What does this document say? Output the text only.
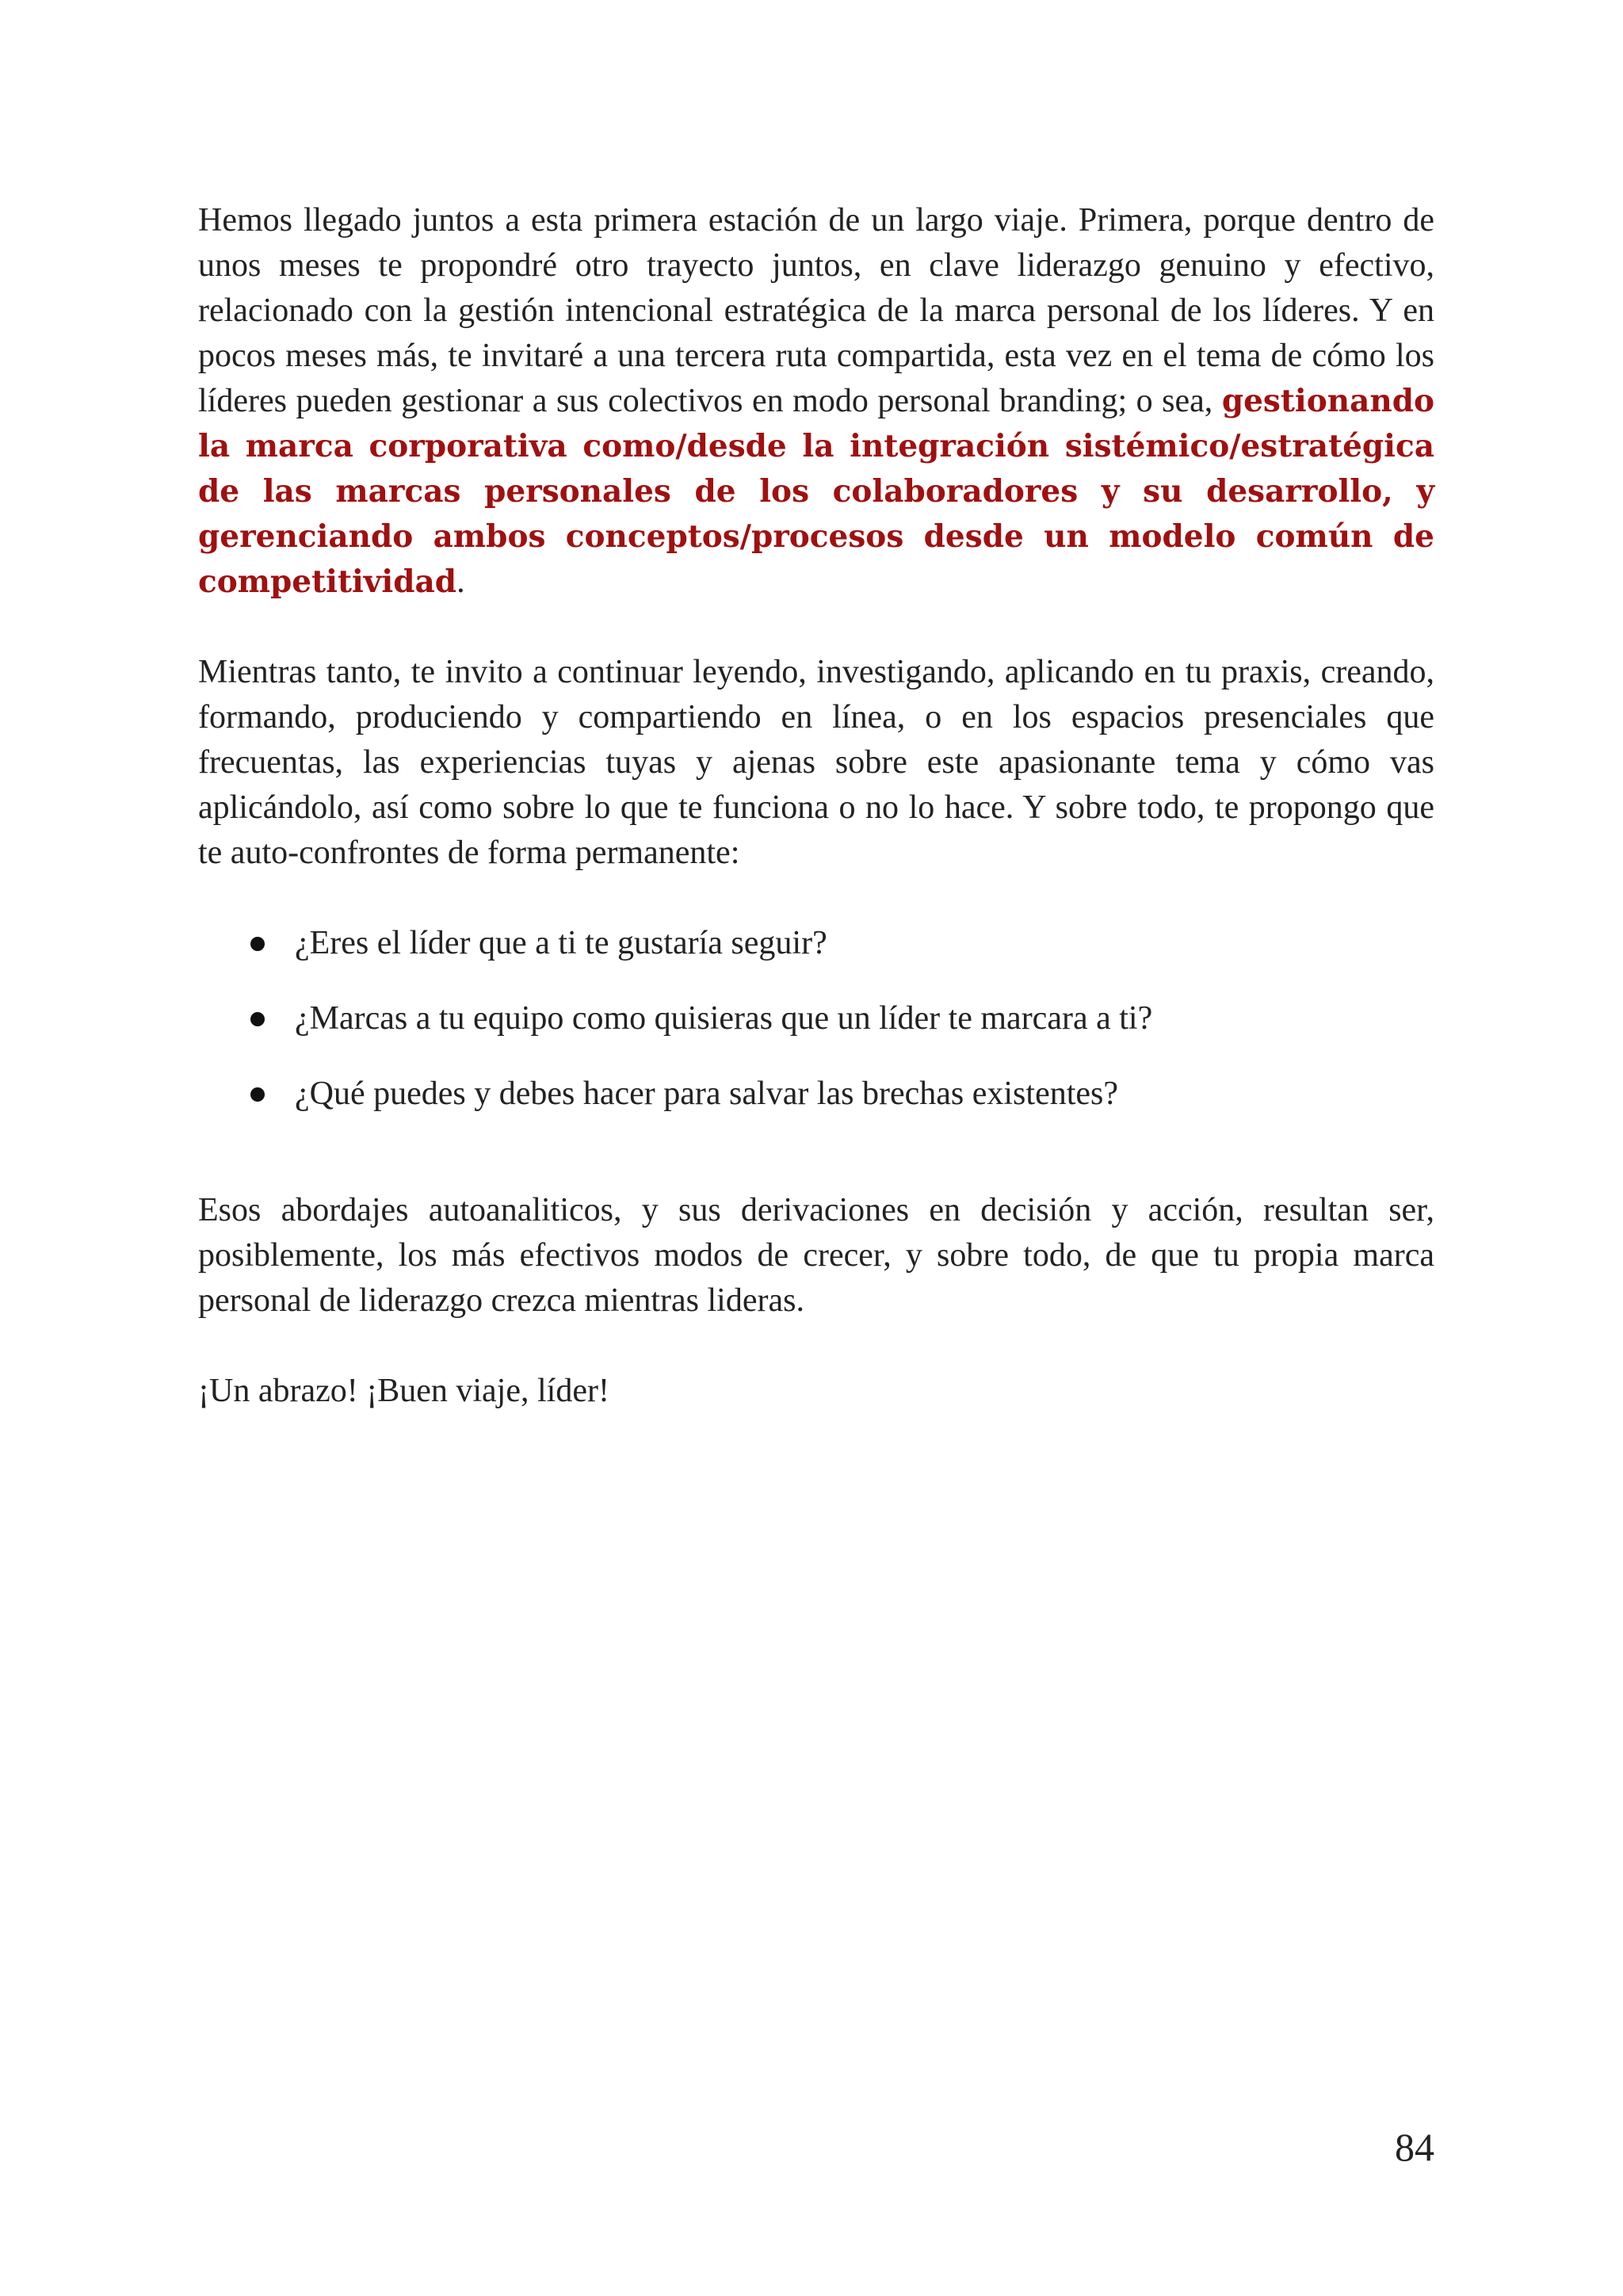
Hemos llegado juntos a esta primera estación de un largo viaje. Primera, porque dentro de unos meses te propondré otro trayecto juntos, en clave liderazgo genuino y efectivo, relacionado con la gestión intencional estratégica de la marca personal de los líderes. Y en pocos meses más, te invitaré a una tercera ruta compartida, esta vez en el tema de cómo los líderes pueden gestionar a sus colectivos en modo personal branding; o sea, gestionando la marca corporativa como/desde la integración sistémico/estratégica de las marcas personales de los colaboradores y su desarrollo, y gerenciando ambos conceptos/procesos desde un modelo común de competitividad.

Mientras tanto, te invito a continuar leyendo, investigando, aplicando en tu praxis, creando, formando, produciendo y compartiendo en línea, o en los espacios presenciales que frecuentas, las experiencias tuyas y ajenas sobre este apasionante tema y cómo vas aplicándolo, así como sobre lo que te funciona o no lo hace. Y sobre todo, te propongo que te auto-confrontes de forma permanente:

¿Eres el líder que a ti te gustaría seguir?
¿Marcas a tu equipo como quisieras que un líder te marcara a ti?
¿Qué puedes y debes hacer para salvar las brechas existentes?

Esos abordajes autoanaliticos, y sus derivaciones en decisión y acción, resultan ser, posiblemente, los más efectivos modos de crecer, y sobre todo, de que tu propia marca personal de liderazgo crezca mientras lideras.

¡Un abrazo! ¡Buen viaje, líder!

84
